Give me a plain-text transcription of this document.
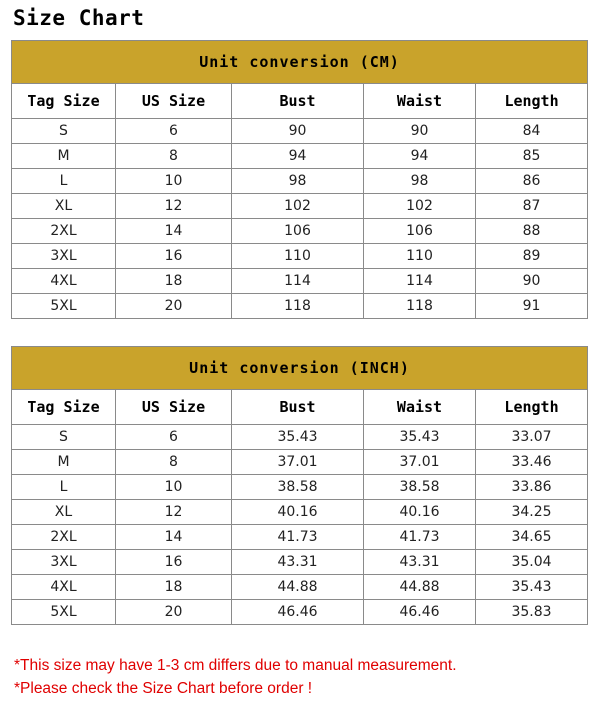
Size Chart
Unit conversion (CM)				
Tag Size	US Size	Bust	Waist	Length
S	6	90	90	84
M	8	94	94	85
L	10	98	98	86
XL	12	102	102	87
2XL	14	106	106	88
3XL	16	110	110	89
4XL	18	114	114	90
5XL	20	118	118	91
Unit conversion (INCH)				
Tag Size	US Size	Bust	Waist	Length
S	6	35.43	35.43	33.07
M	8	37.01	37.01	33.46
L	10	38.58	38.58	33.86
XL	12	40.16	40.16	34.25
2XL	14	41.73	41.73	34.65
3XL	16	43.31	43.31	35.04
4XL	18	44.88	44.88	35.43
5XL	20	46.46	46.46	35.83
*This size may have 1-3 cm differs due to manual measurement.
*Please check the Size Chart before order !
